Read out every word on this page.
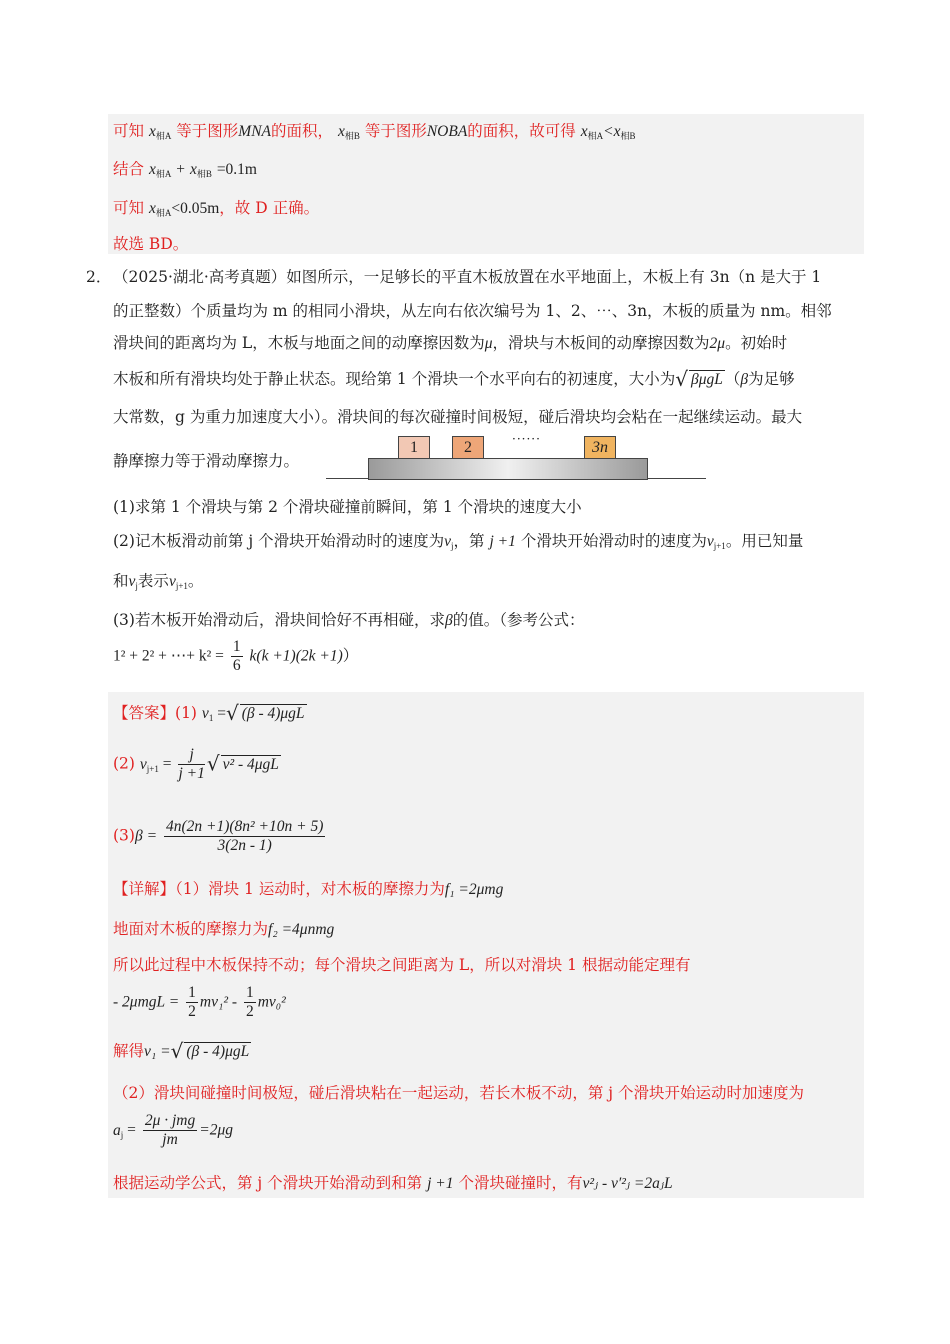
可知 $x_{相A}$ 等于图形MNA的面积， $x_{相B}$ 等于图形NOBA的面积，故可得 $x_{相A}<x_{相B}$
结合 $x_{相A} + x_{相B} =0.1m$
可知 $x_{相A}<0.05m$，故 D 正确。
故选 BD。
2． （2025·湖北·高考真题）如图所示，一足够长的平直木板放置在水平地面上，木板上有 3n（n 是大于 1
的正整数）个质量均为 m 的相同小滑块，从左向右依次编号为 1、2、⋯、3n，木板的质量为 nm。相邻
滑块间的距离均为 L，木板与地面之间的动摩擦因数为μ，滑块与木板间的动摩擦因数为2μ。初始时
木板和所有滑块均处于静止状态。现给第 1 个滑块一个水平向右的初速度，大小为√ βμgL （β为足够
大常数，g 为重力加速度大小）。滑块间的每次碰撞时间极短，碰后滑块均会粘在一起继续运动。最大
静摩擦力等于滑动摩擦力。
1	2	······	3n
(1)求第 1 个滑块与第 2 个滑块碰撞前瞬间，第 1 个滑块的速度大小
(2)记木板滑动前第 j 个滑块开始滑动时的速度为$v_j$，第 j +1 个滑块开始滑动时的速度为$v_{j+1}$。用已知量
和$v_j$表示$v_{j+1}$。
(3)若木板开始滑动后，滑块间恰好不再相碰，求β的值。（参考公式：
1² + 2² + ⋯+ $k^2 = \frac{1}{6} k(k +1)(2k +1)$）
【答案】(1) $v_1$ =√ (β - 4)μgL
(2) $v_{j+1} = \frac{j}{j +1}$ √ v² - 4μgL
$(3)\beta = \frac{\text{4n(2n +1)(8n² +10n + 5)}}{3(2n - 1)}$
【详解】（1）滑块 1 运动时，对木板的摩擦力为f₁ =2μmg
地面对木板的摩擦力为f₂ =4μnmg
所以此过程中木板保持不动；每个滑块之间距离为 L，所以对滑块 1 根据动能定理有
- $2\mu mgL = \frac{1}{2} mv_1^2 - \frac{1}{2} mv_0^2$
解得v₁ =√ (β - 4)μgL
（2）滑块间碰撞时间极短，碰后滑块粘在一起运动，若长木板不动，第 j 个滑块开始运动时加速度为
$a_j = \frac{\text{2μ · jmg}}{jm} =2\mu g$
根据运动学公式，第 j 个滑块开始滑动到和第 j +1 个滑块碰撞时，有v²ⱼ - v′²ⱼ =2aⱼL
